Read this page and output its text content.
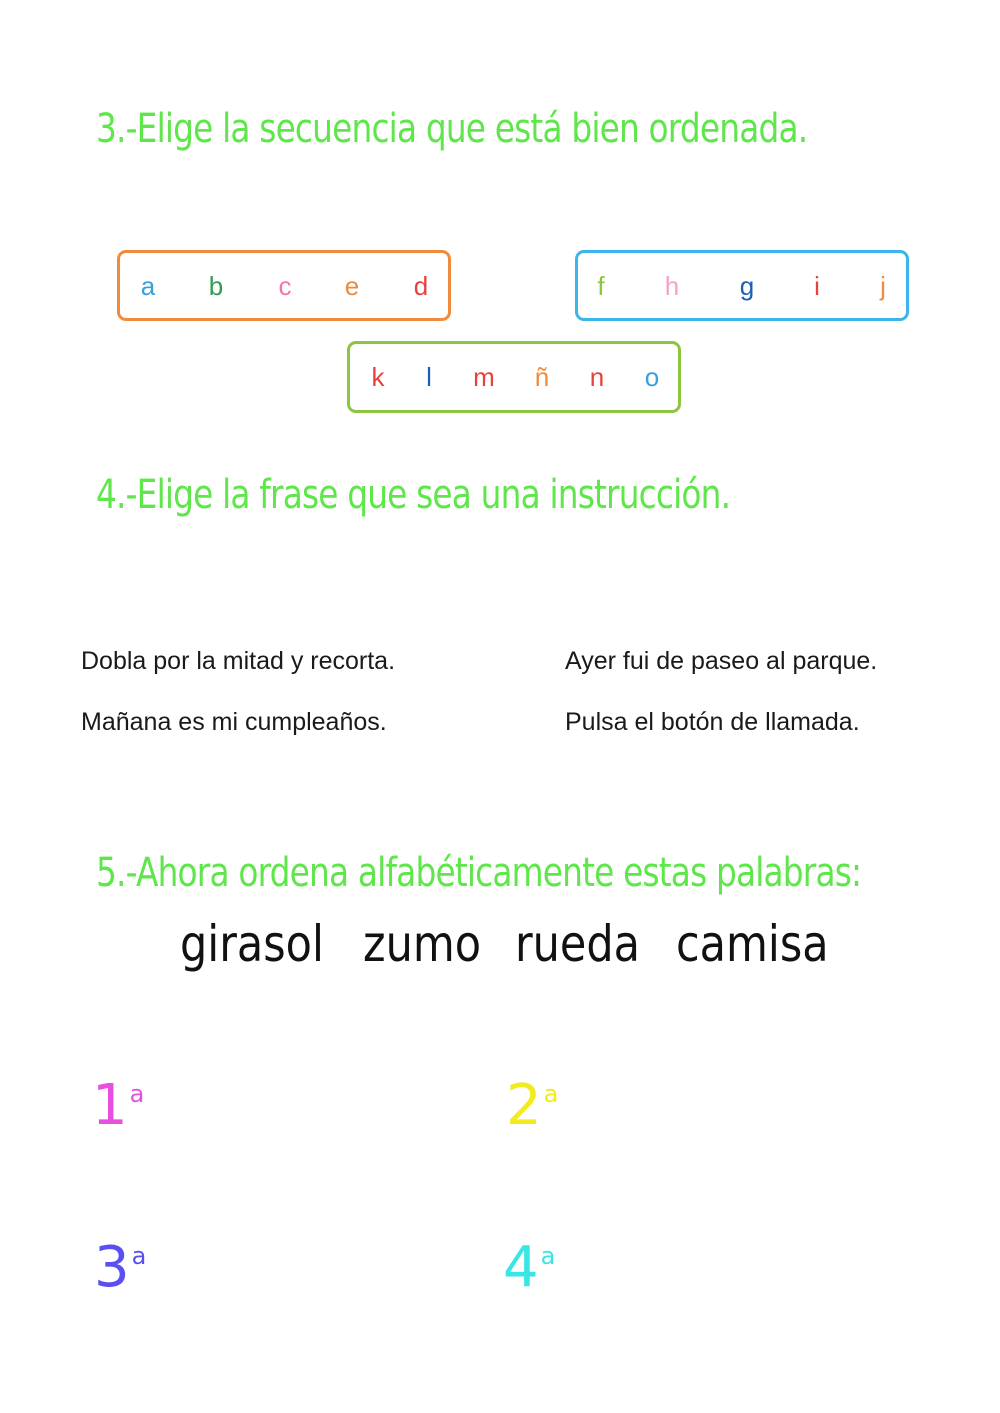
3.-Elige la secuencia que está bien ordenada.
a b c e d	f h g i j
k l m ñ n o
4.-Elige la frase que sea una instrucción.
Dobla por la mitad y recorta.	Ayer fui de paseo al parque.
Mañana es mi cumpleaños.	Pulsa el botón de llamada.
5.-Ahora ordena alfabéticamente estas palabras:
girasol zumo rueda camisa
1$^a$	2$^a$
3$^a$	4$^a$
